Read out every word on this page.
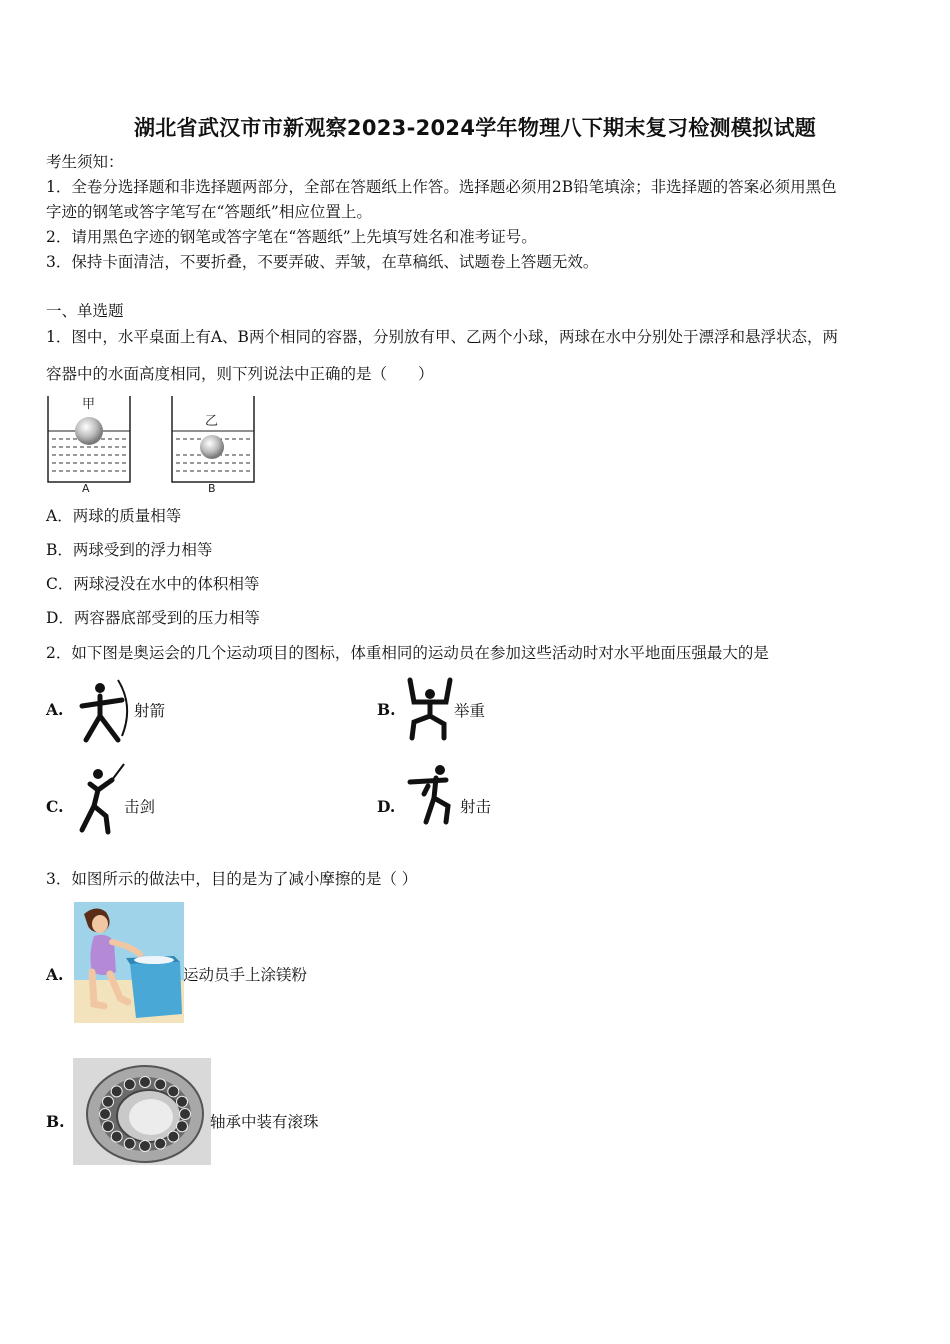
湖北省武汉市市新观察2023-2024学年物理八下期末复习检测模拟试题
考生须知：
1．全卷分选择题和非选择题两部分，全部在答题纸上作答。选择题必须用2B铅笔填涂；非选择题的答案必须用黑色
字迹的钢笔或答字笔写在“答题纸”相应位置上。
2．请用黑色字迹的钢笔或答字笔在“答题纸”上先填写姓名和准考证号。
3．保持卡面清洁，不要折叠，不要弄破、弄皱，在草稿纸、试题卷上答题无效。
一、单选题
1．图中，水平桌面上有A、B两个相同的容器，分别放有甲、乙两个小球，两球在水中分别处于漂浮和悬浮状态，两
容器中的水面高度相同，则下列说法中正确的是（　　）
甲
乙
A	B
A．两球的质量相等
B．两球受到的浮力相等
C．两球浸没在水中的体积相等
D．两容器底部受到的压力相等
2．如下图是奥运会的几个运动项目的图标，体重相同的运动员在参加这些活动时对水平地面压强最大的是
A.	射箭	B.	举重
C.	击剑	D.	射击
3．如图所示的做法中，目的是为了减小摩擦的是（ ）
A.	运动员手上涂镁粉
B.	轴承中装有滚珠
